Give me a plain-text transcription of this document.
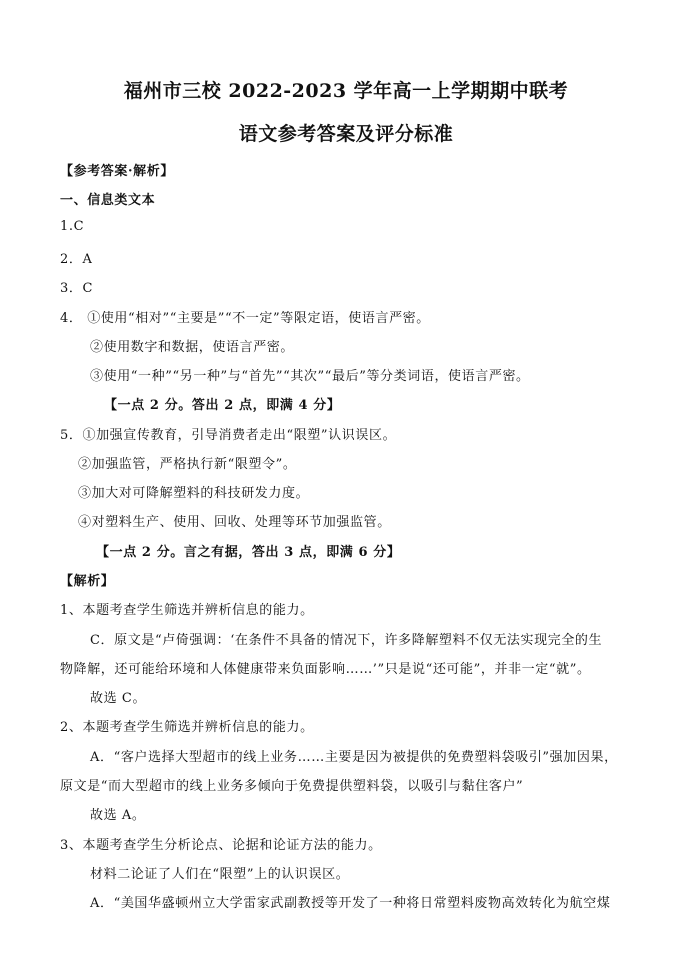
福州市三校 2022-2023 学年高一上学期期中联考
语文参考答案及评分标准
【参考答案·解析】
一、信息类文本
1.C
2．A
3．C
4． ①使用“相对”“主要是”“不一定”等限定语，使语言严密。
②使用数字和数据，使语言严密。
③使用“一种”“另一种”与“首先”“其次”“最后”等分类词语，使语言严密。
【一点 2 分。答出 2 点，即满 4 分】
5．①加强宣传教育，引导消费者走出“限塑”认识误区。
②加强监管，严格执行新“限塑令”。
③加大对可降解塑料的科技研发力度。
④对塑料生产、使用、回收、处理等环节加强监管。
【一点 2 分。言之有据，答出 3 点，即满 6 分】
【解析】
1、本题考查学生筛选并辨析信息的能力。
C．原文是“卢倚强调：‘在条件不具备的情况下，许多降解塑料不仅无法实现完全的生
物降解，还可能给环境和人体健康带来负面影响……’”只是说“还可能”，并非一定“就”。
故选 C。
2、本题考查学生筛选并辨析信息的能力。
A．“客户选择大型超市的线上业务……主要是因为被提供的免费塑料袋吸引”强加因果，
原文是“而大型超市的线上业务多倾向于免费提供塑料袋，以吸引与黏住客户”
故选 A。
3、本题考查学生分析论点、论据和论证方法的能力。
材料二论证了人们在“限塑”上的认识误区。
A．“美国华盛顿州立大学雷家武副教授等开发了一种将日常塑料废物高效转化为航空煤
